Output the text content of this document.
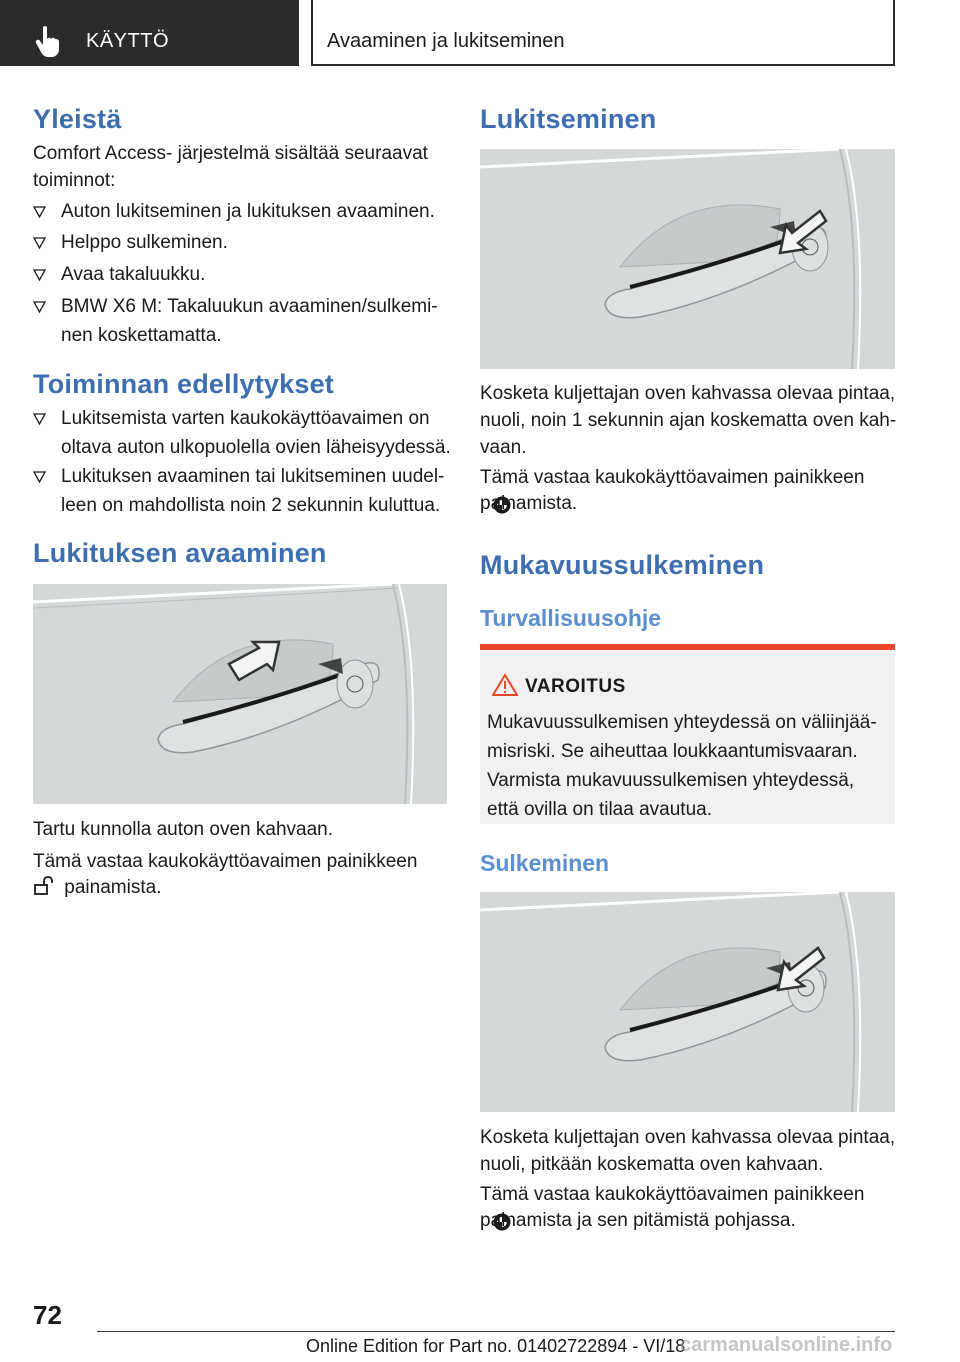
KÄYTTÖ	Avaaminen ja lukitseminen
Yleistä
Comfort Access- järjestelmä sisältää seuraavat
toiminnot:
Auton lukitseminen ja lukituksen avaaminen.
Helppo sulkeminen.
Avaa takaluukku.
BMW X6 M: Takaluukun avaaminen/sulkemi-
nen koskettamatta.
Toiminnan edellytykset
Lukitsemista varten kaukokäyttöavaimen on
oltava auton ulkopuolella ovien läheisyydessä.
Lukituksen avaaminen tai lukitseminen uudel-
leen on mahdollista noin 2 sekunnin kuluttua.
Lukituksen avaaminen
Tartu kunnolla auton oven kahvaan.
Tämä vastaa kaukokäyttöavaimen painikkeen
painamista.
Lukitseminen
Kosketa kuljettajan oven kahvassa olevaa pintaa,
nuoli, noin 1 sekunnin ajan koskematta oven kah-
vaan.
Tämä vastaa kaukokäyttöavaimen painikkeen
painamista.
Mukavuussulkeminen
Turvallisuusohje
VAROITUS
Mukavuussulkemisen yhteydessä on väliinjää-
misriski. Se aiheuttaa loukkaantumisvaaran.
Varmista mukavuussulkemisen yhteydessä,
että ovilla on tilaa avautua.
Sulkeminen
Kosketa kuljettajan oven kahvassa olevaa pintaa,
nuoli, pitkään koskematta oven kahvaan.
Tämä vastaa kaukokäyttöavaimen painikkeen
painamista ja sen pitämistä pohjassa.
72
Online Edition for Part no. 01402722894 - VI/18
carmanualsonline.info
